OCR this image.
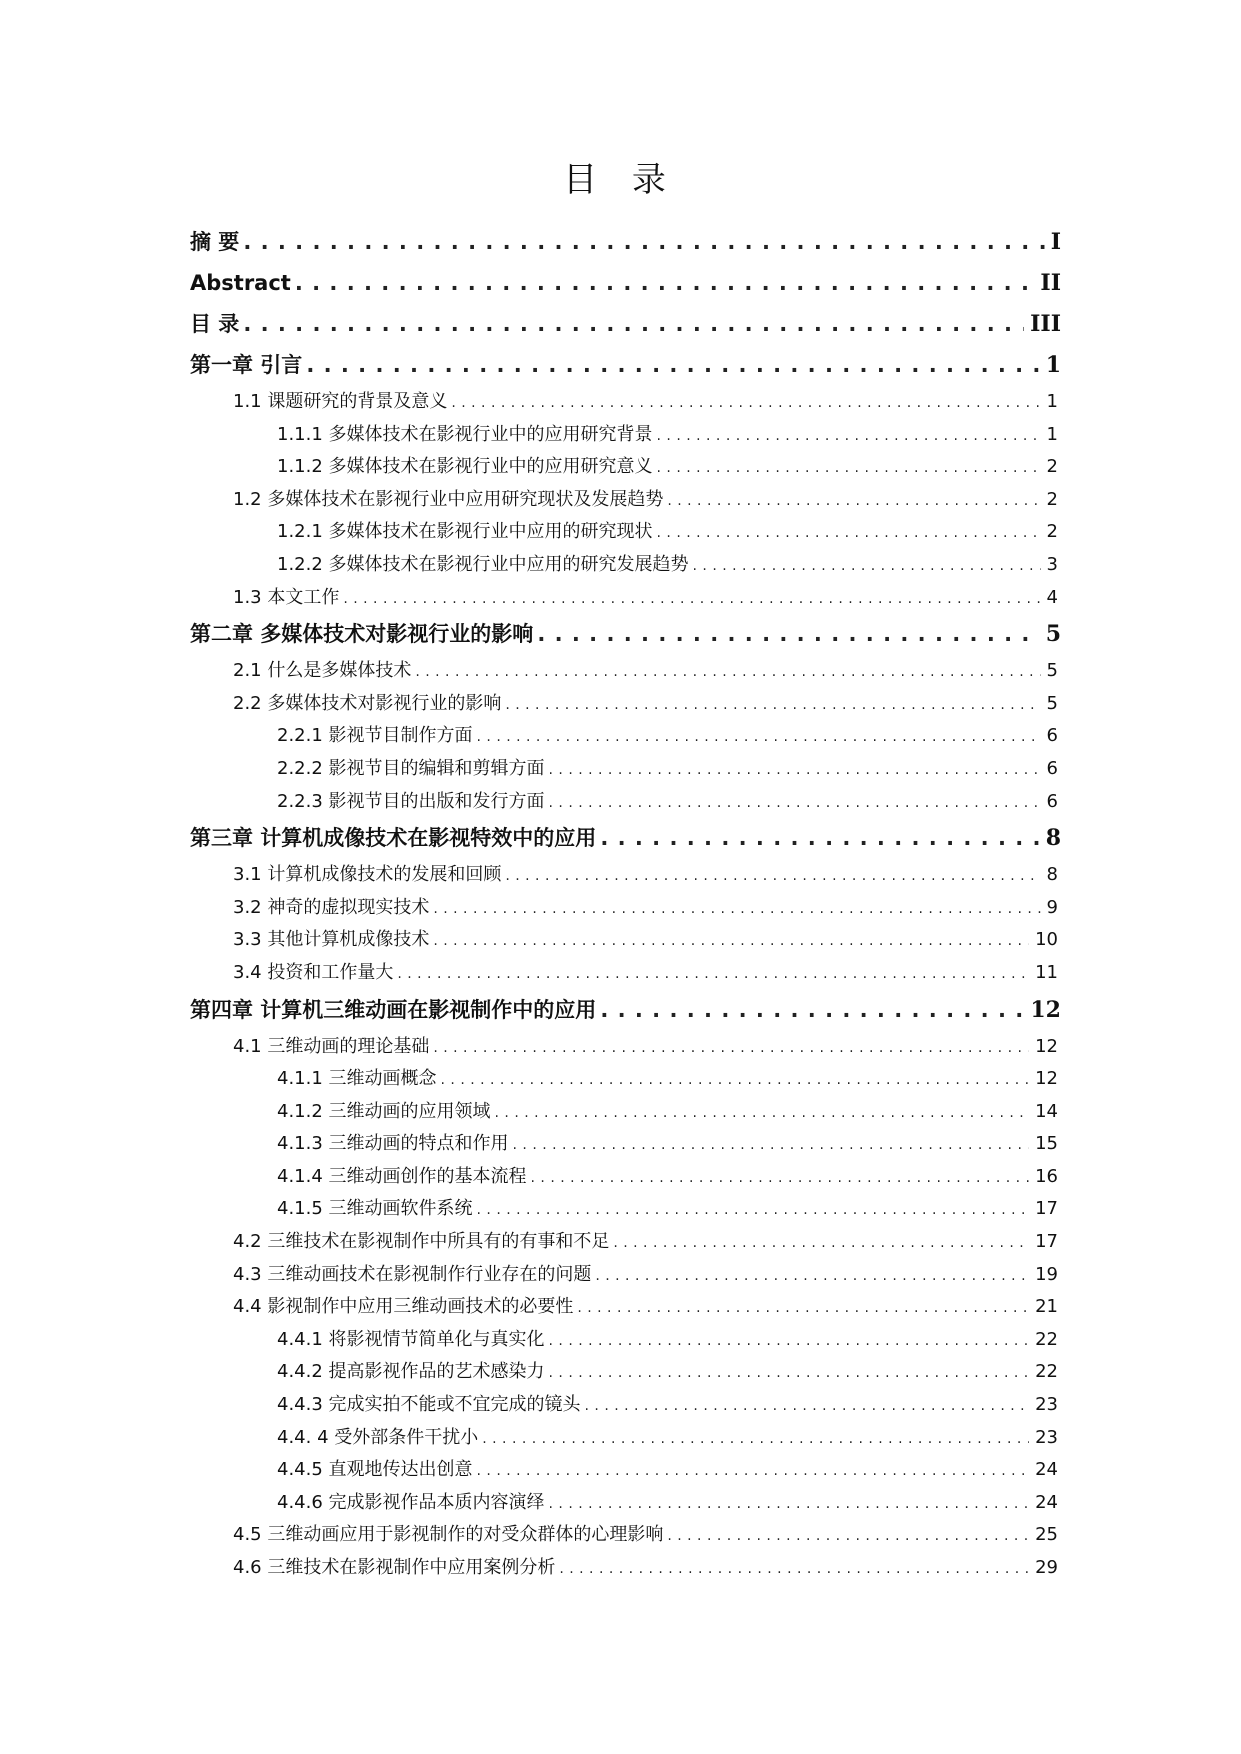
目 录
摘 要 . . .	I
Abstract . . .	II
目 录 . . .	III
第一章 引言 . . .	1
1.1 课题研究的背景及意义 . . .	1
1.1.1 多媒体技术在影视行业中的应用研究背景 . . .	1
1.1.2 多媒体技术在影视行业中的应用研究意义 . . .	2
1.2 多媒体技术在影视行业中应用研究现状及发展趋势 . . .	2
1.2.1 多媒体技术在影视行业中应用的研究现状 . . .	2
1.2.2 多媒体技术在影视行业中应用的研究发展趋势 . . .	3
1.3 本文工作 . . .	4
第二章 多媒体技术对影视行业的影响 . . .	5
2.1 什么是多媒体技术 . . .	5
2.2 多媒体技术对影视行业的影响 . . .	5
2.2.1 影视节目制作方面 . . .	6
2.2.2 影视节目的编辑和剪辑方面 . . .	6
2.2.3 影视节目的出版和发行方面 . . .	6
第三章 计算机成像技术在影视特效中的应用 . . .	8
3.1 计算机成像技术的发展和回顾 . . .	8
3.2 神奇的虚拟现实技术 . . .	9
3.3 其他计算机成像技术 . . .	10
3.4 投资和工作量大 . . .	11
第四章 计算机三维动画在影视制作中的应用 . . .	12
4.1 三维动画的理论基础 . . .	12
4.1.1 三维动画概念 . . .	12
4.1.2 三维动画的应用领域 . . .	14
4.1.3 三维动画的特点和作用 . . .	15
4.1.4 三维动画创作的基本流程 . . .	16
4.1.5 三维动画软件系统 . . .	17
4.2 三维技术在影视制作中所具有的有事和不足 . . .	17
4.3 三维动画技术在影视制作行业存在的问题 . . .	19
4.4 影视制作中应用三维动画技术的必要性 . . .	21
4.4.1 将影视情节简单化与真实化 . . .	22
4.4.2 提高影视作品的艺术感染力 . . .	22
4.4.3 完成实拍不能或不宜完成的镜头 . . .	23
4.4. 4 受外部条件干扰小 . . .	23
4.4.5 直观地传达出创意 . . .	24
4.4.6 完成影视作品本质内容演绎 . . .	24
4.5 三维动画应用于影视制作的对受众群体的心理影响 . . .	25
4.6 三维技术在影视制作中应用案例分析 . . .	29
